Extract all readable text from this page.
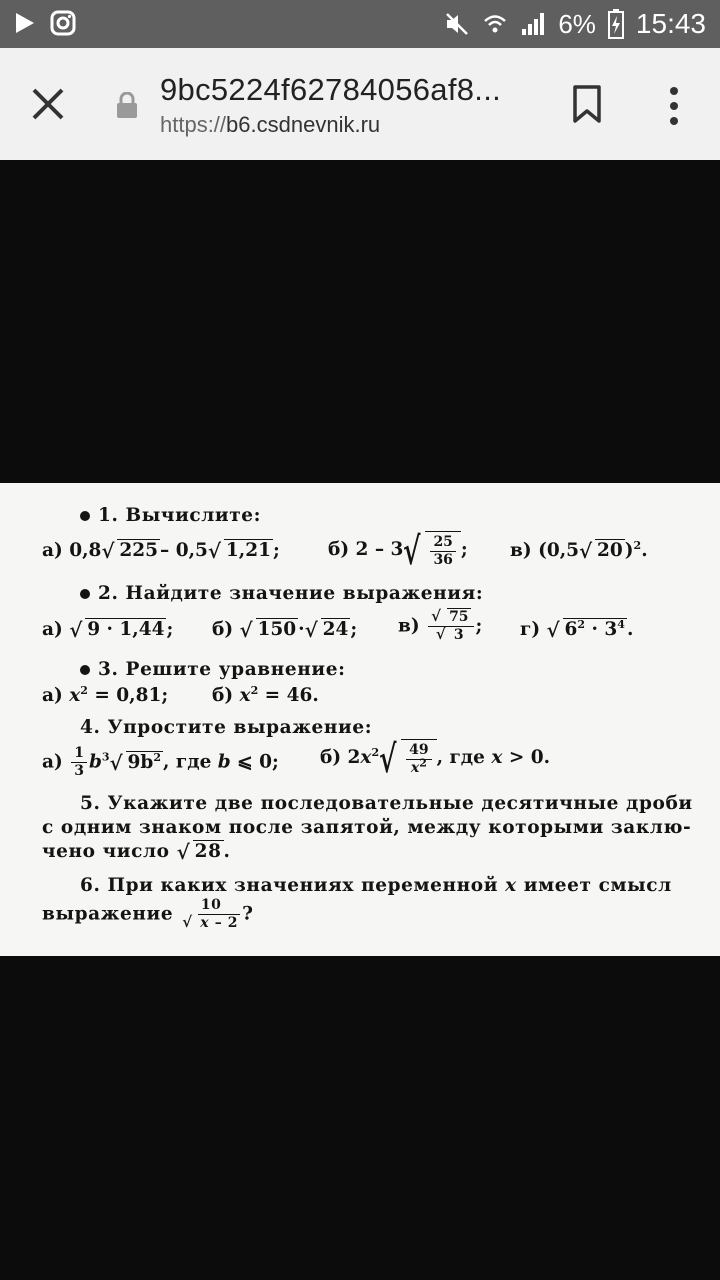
6% 15:43
9bc5224f62784056af8...
https://b6.csdnevnik.ru
1. Вычислите:
а) 0,8 √ 225 – 0,5 √ 1,21 ;	б) 2 – 3 √ $\frac{25}{36}$ ; в) (0,5 √ 20 )$^2$.
2. Найдите значение выражения:
а) √ 9 · 1,44 ; б) √ 150 · √ 24 ; $в) \frac{√ 75}{√ 3}$ ; г) √ $6^2 \cdot 3^4$ .
3. Решите уравнение:
а) $x^2 = 0,81$; б) $x^2 = 46$.
4. Упростите выражение:
$а) \frac{1}{3} b^3$ √ $9b^2$ , где b ⩽ 0; б) $2x^2$ √ $\frac{49}{x^2}$ , где x > 0.
5. Укажите две последовательные десятичные дроби
с одним знаком после запятой, между которыми заклю-
чено число √ 28 .
6. При каких значениях переменной x имеет смысл
выражение $\frac{10}{√ x - 2}$ ?
